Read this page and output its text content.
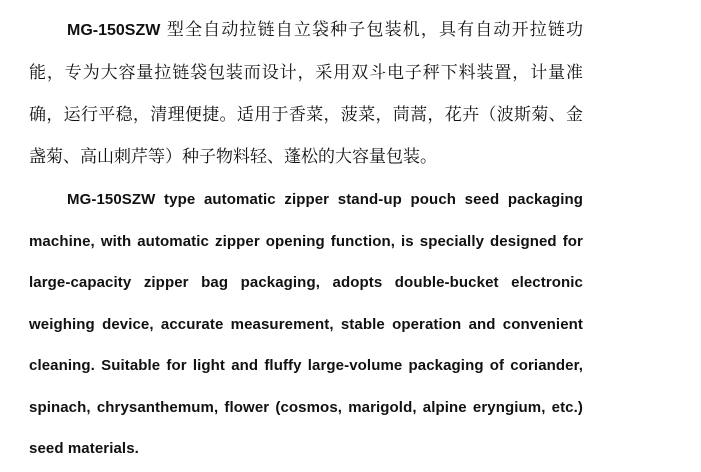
MG-150SZW 型全自动拉链自立袋种子包装机，具有自动开拉链功能，专为大容量拉链袋包装而设计，采用双斗电子秤下料装置，计量准确，运行平稳，清理便捷。适用于香菜，菠菜，茼蒿，花卉（波斯菊、金盏菊、高山刺芹等）种子物料轻、蓬松的大容量包装。

MG-150SZW type automatic zipper stand-up pouch seed packaging machine, with automatic zipper opening function, is specially designed for large-capacity zipper bag packaging, adopts double-bucket electronic weighing device, accurate measurement, stable operation and convenient cleaning. Suitable for light and fluffy large-volume packaging of coriander, spinach, chrysanthemum, flower (cosmos, marigold, alpine eryngium, etc.) seed materials.
